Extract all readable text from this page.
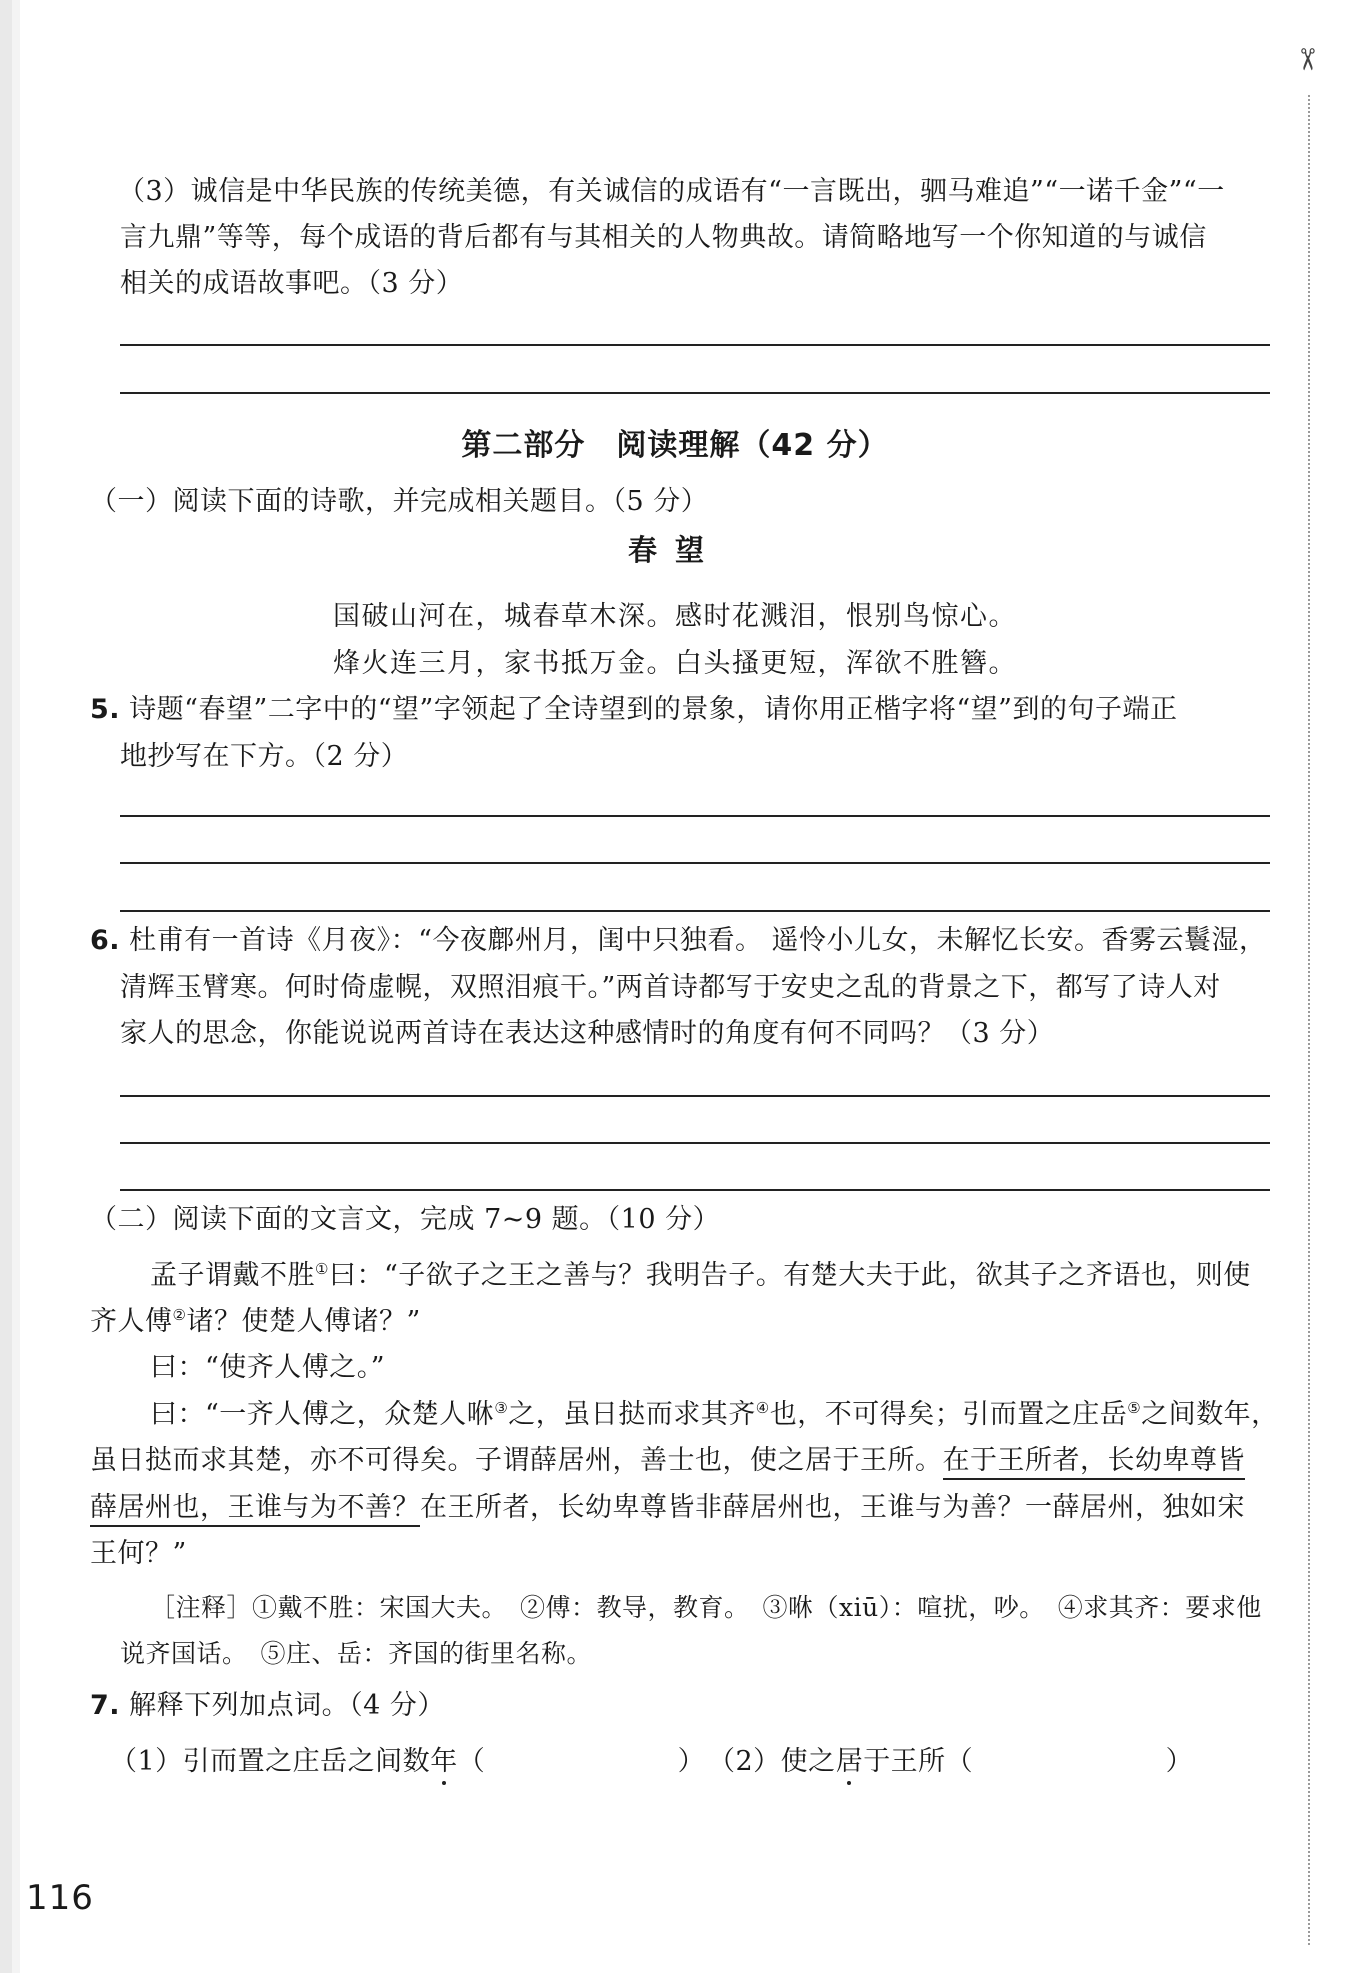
✂
（3）诚信是中华民族的传统美德，有关诚信的成语有“一言既出，驷马难追”“一诺千金”“一
言九鼎”等等，每个成语的背后都有与其相关的人物典故。请简略地写一个你知道的与诚信
相关的成语故事吧。（3 分）
第二部分　阅读理解（42 分）
（一）阅读下面的诗歌，并完成相关题目。（5 分）
春望
国破山河在，城春草木深。感时花溅泪，恨别鸟惊心。
烽火连三月，家书抵万金。白头搔更短，浑欲不胜簪。
5. 诗题“春望”二字中的“望”字领起了全诗望到的景象，请你用正楷字将“望”到的句子端正
地抄写在下方。（2 分）
6. 杜甫有一首诗《月夜》：“今夜鄜州月，闺中只独看。 遥怜小儿女，未解忆长安。香雾云鬟湿，
清辉玉臂寒。何时倚虚幌，双照泪痕干。”两首诗都写于安史之乱的背景之下，都写了诗人对
家人的思念，你能说说两首诗在表达这种感情时的角度有何不同吗？（3 分）
（二）阅读下面的文言文，完成 7~9 题。（10 分）
孟子谓戴不胜①曰：“子欲子之王之善与？我明告子。有楚大夫于此，欲其子之齐语也，则使
齐人傅②诸？使楚人傅诸？”
曰：“使齐人傅之。”
曰：“一齐人傅之，众楚人咻③之，虽日挞而求其齐④也，不可得矣；引而置之庄岳⑤之间数年，
虽日挞而求其楚，亦不可得矣。子谓薛居州，善士也，使之居于王所。在于王所者，长幼卑尊皆
薛居州也，王谁与为不善？在王所者，长幼卑尊皆非薛居州也，王谁与为善？一薛居州，独如宋
王何？”
［注释］①戴不胜：宋国大夫。　②傅：教导，教育。　③咻（xiū）：喧扰，吵。　④求其齐：要求他
说齐国话。　⑤庄、岳：齐国的街里名称。
7. 解释下列加点词。（4 分）
（1）引而置之庄岳之间数年
（　　　　　　　） （2）使之居
于王所（　　　　　　　）
116
